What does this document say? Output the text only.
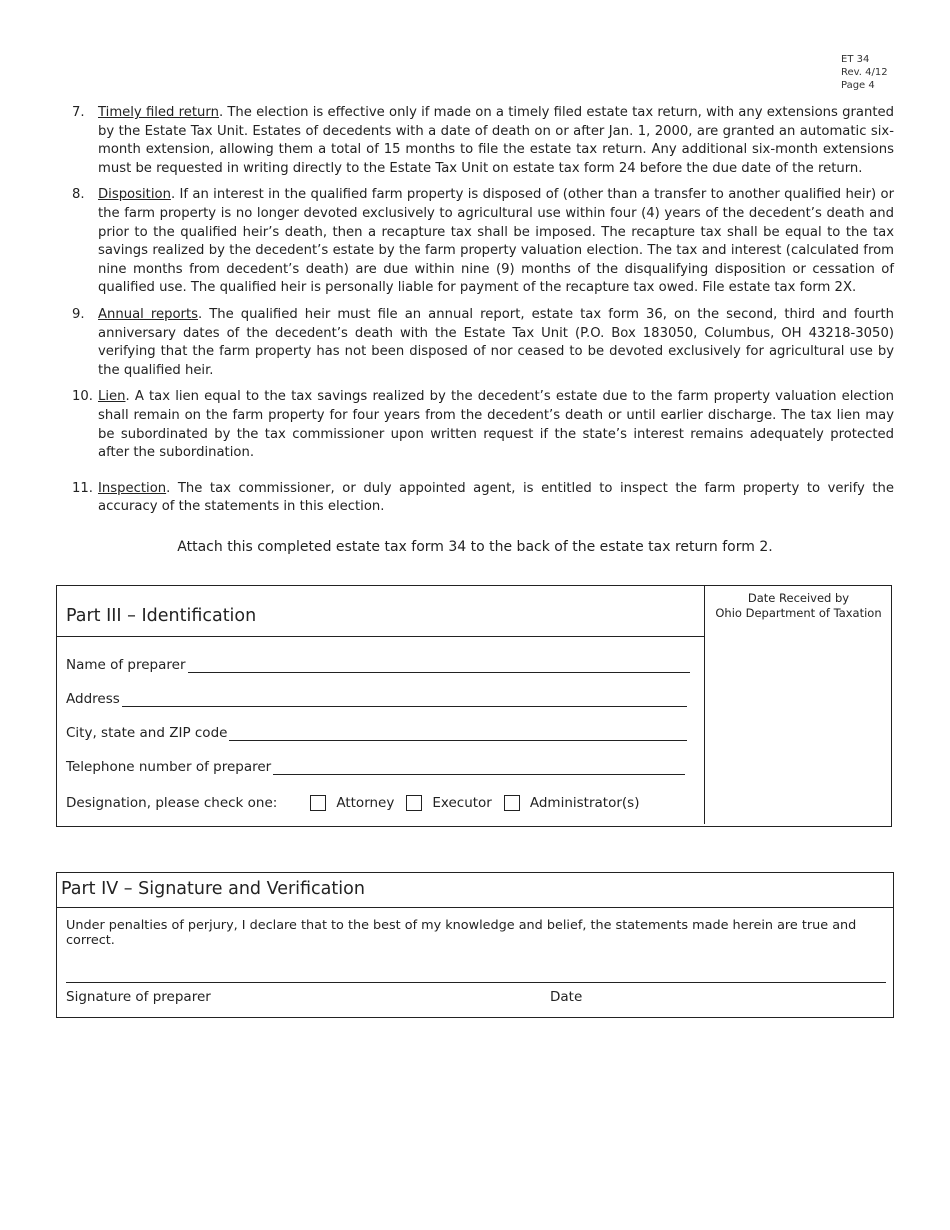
ET 34
Rev. 4/12
Page 4
7.	Timely filed return. The election is effective only if made on a timely filed estate tax return, with any extensions granted by the Estate Tax Unit. Estates of decedents with a date of death on or after Jan. 1, 2000, are granted an automatic six-month extension, allowing them a total of 15 months to file the estate tax return. Any additional six-month extensions must be requested in writing directly to the Estate Tax Unit on estate tax form 24 before the due date of the return.
8.	Disposition. If an interest in the qualified farm property is disposed of (other than a transfer to another qualified heir) or the farm property is no longer devoted exclusively to agricultural use within four (4) years of the decedent’s death and prior to the qualified heir’s death, then a recapture tax shall be imposed. The recapture tax shall be equal to the tax savings realized by the decedent’s estate by the farm property valuation election. The tax and interest (calculated from nine months from decedent’s death) are due within nine (9) months of the disqualifying disposition or cessation of qualified use. The qualified heir is personally liable for payment of the recapture tax owed. File estate tax form 2X.
9.	Annual reports. The qualified heir must file an annual report, estate tax form 36, on the second, third and fourth anniversary dates of the decedent’s death with the Estate Tax Unit (P.O. Box 183050, Columbus, OH 43218-3050) verifying that the farm property has not been disposed of nor ceased to be devoted exclusively for agricultural use by the qualified heir.
10. Lien. A tax lien equal to the tax savings realized by the decedent’s estate due to the farm property valuation election shall remain on the farm property for four years from the decedent’s death or until earlier discharge. The tax lien may be subordinated by the tax commissioner upon written request if the state’s interest remains adequately protected after the subordination.
11. Inspection. The tax commissioner, or duly appointed agent, is entitled to inspect the farm property to verify the accuracy of the statements in this election.
Attach this completed estate tax form 34 to the back of the estate tax return form 2.
Part III – Identification
Name of preparer
Address
City, state and ZIP code
Telephone number of preparer
Designation, please check one:	Attorney	Executor	Administrator(s)
Date Received by
Ohio Department of Taxation
Part IV – Signature and Verification
Under penalties of perjury, I declare that to the best of my knowledge and belief, the statements made herein are true and correct.
Signature of preparer	Date
